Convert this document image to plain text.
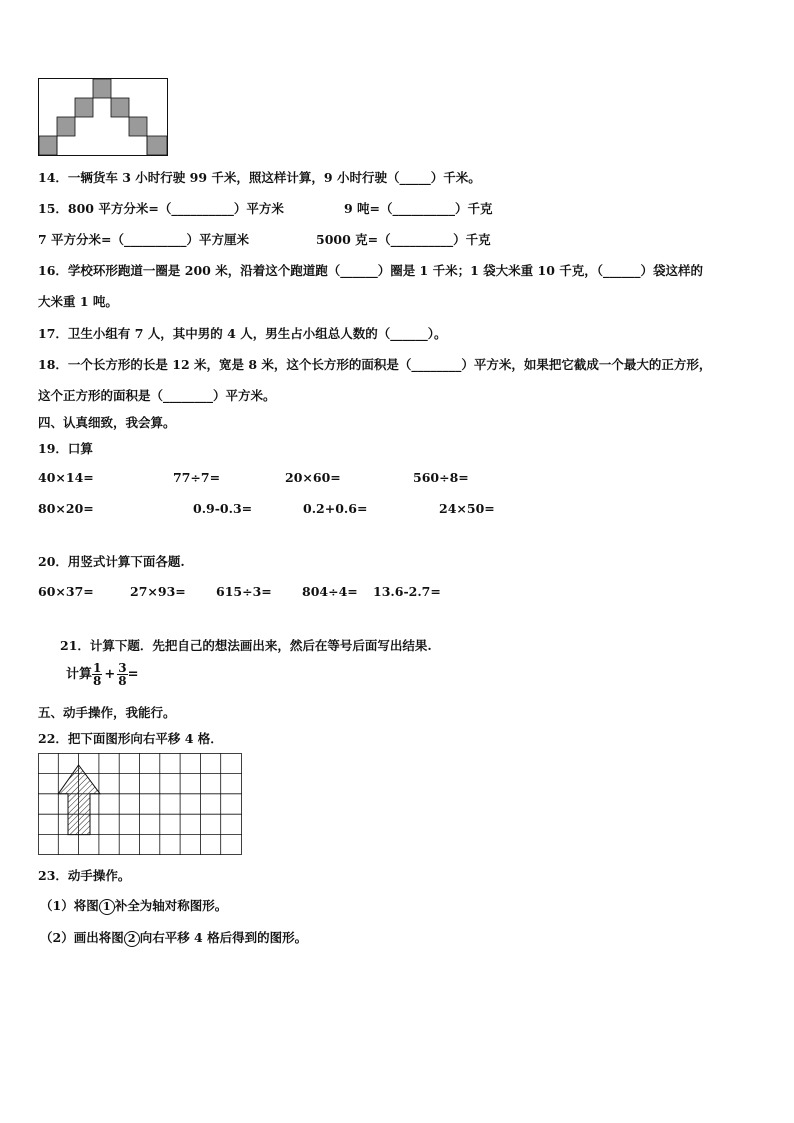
14．一辆货车 3 小时行驶 99 千米，照这样计算，9 小时行驶（_____）千米。
15．800 平方分米=（__________）平方米	9 吨=（__________）千克
7 平方分米=（__________）平方厘米	5000 克=（__________）千克
16．学校环形跑道一圈是 200 米，沿着这个跑道跑（______）圈是 1 千米；1 袋大米重 10 千克，（______）袋这样的
大米重 1 吨。
17．卫生小组有 7 人，其中男的 4 人，男生占小组总人数的（______）。
18．一个长方形的长是 12 米，宽是 8 米，这个长方形的面积是（________）平方米，如果把它截成一个最大的正方形，
这个正方形的面积是（________）平方米。
四、认真细致，我会算。
19．口算
40×14=	77÷7=	20×60=	560÷8=
80×20=	0.9-0.3=	0.2+0.6=	24×50=
20．用竖式计算下面各题.
60×37=	27×93= 615÷3= 804÷4= 13.6-2.7=
21．计算下题．先把自己的想法画出来，然后在等号后面写出结果.
计算 $\frac{1}{8} + \frac{3}{8}$ =
五、动手操作，我能行。
22．把下面图形向右平移 4 格．
23．动手操作。
（1）将图 1 补全为轴对称图形。
（2）画出将图 2 向右平移 4 格后得到的图形。
